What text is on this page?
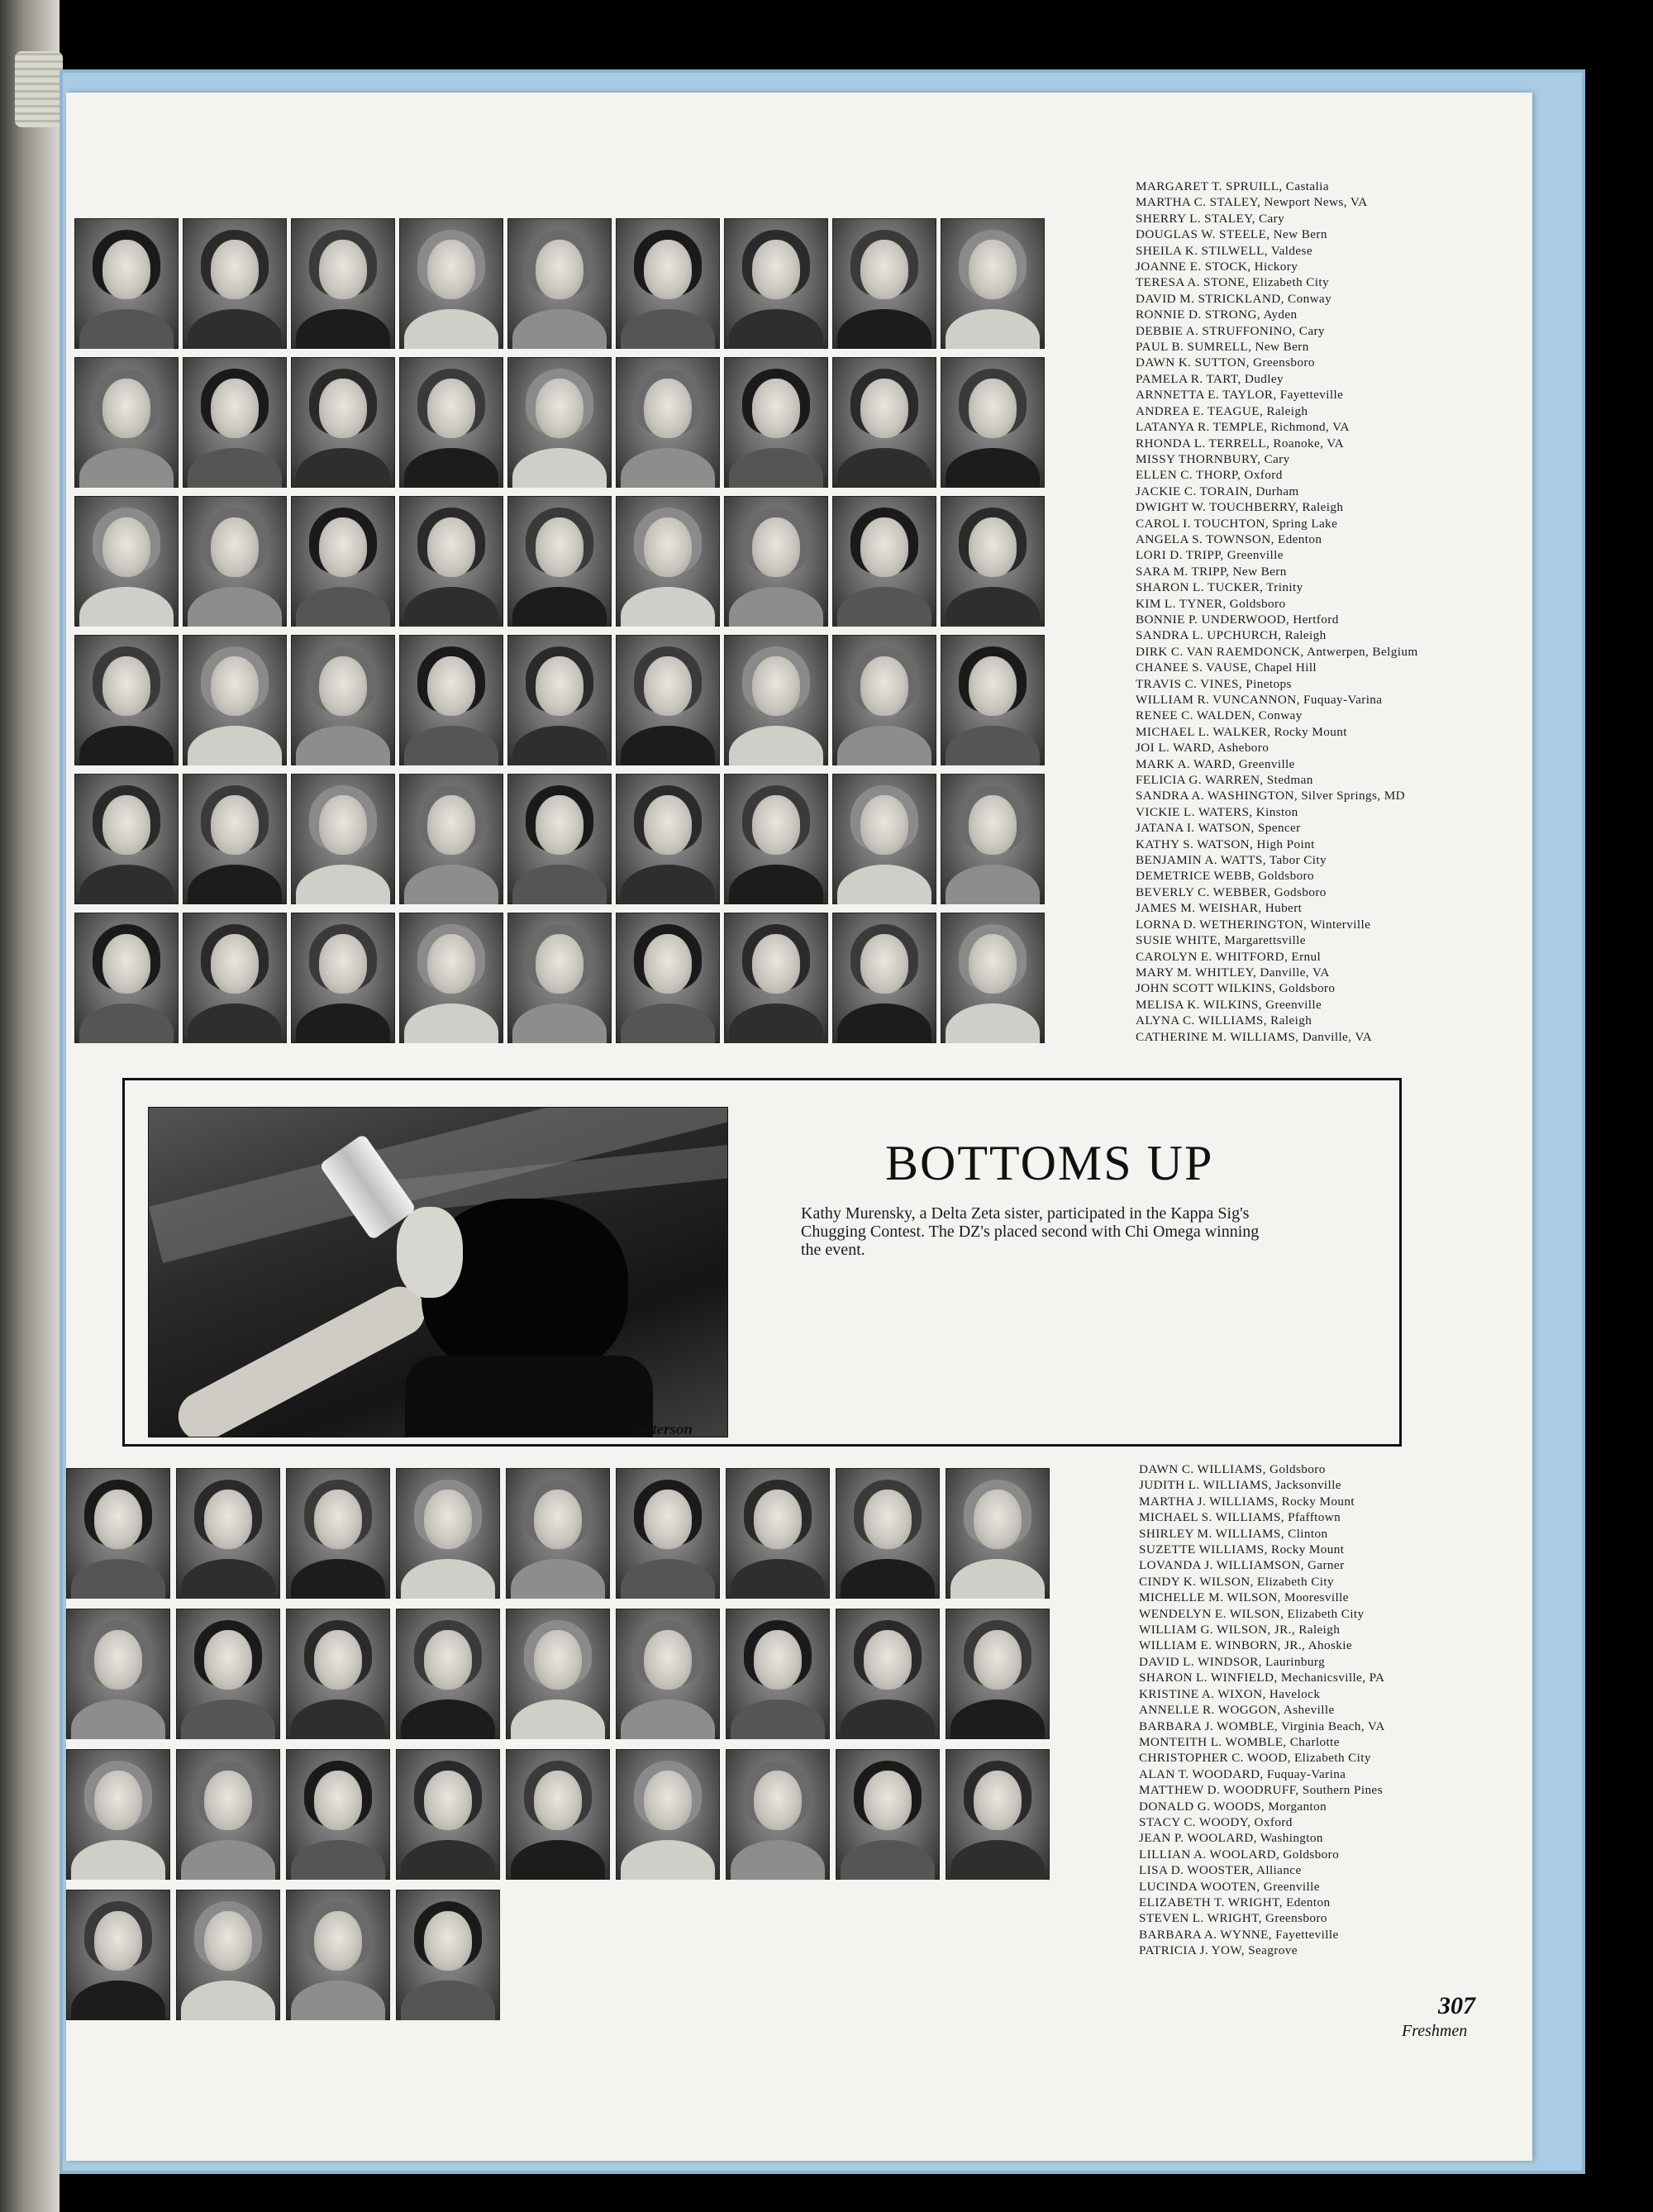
MARGARET T. SPRUILL, Castalia
MARTHA C. STALEY, Newport News, VA
SHERRY L. STALEY, Cary
DOUGLAS W. STEELE, New Bern
SHEILA K. STILWELL, Valdese
JOANNE E. STOCK, Hickory
TERESA A. STONE, Elizabeth City
DAVID M. STRICKLAND, Conway
RONNIE D. STRONG, Ayden
DEBBIE A. STRUFFONINO, Cary
PAUL B. SUMRELL, New Bern
DAWN K. SUTTON, Greensboro
PAMELA R. TART, Dudley
ARNNETTA E. TAYLOR, Fayetteville
ANDREA E. TEAGUE, Raleigh
LATANYA R. TEMPLE, Richmond, VA
RHONDA L. TERRELL, Roanoke, VA
MISSY THORNBURY, Cary
ELLEN C. THORP, Oxford
JACKIE C. TORAIN, Durham
DWIGHT W. TOUCHBERRY, Raleigh
CAROL I. TOUCHTON, Spring Lake
ANGELA S. TOWNSON, Edenton
LORI D. TRIPP, Greenville
SARA M. TRIPP, New Bern
SHARON L. TUCKER, Trinity
KIM L. TYNER, Goldsboro
BONNIE P. UNDERWOOD, Hertford
SANDRA L. UPCHURCH, Raleigh
DIRK C. VAN RAEMDONCK, Antwerpen, Belgium
CHANEE S. VAUSE, Chapel Hill
TRAVIS C. VINES, Pinetops
WILLIAM R. VUNCANNON, Fuquay-Varina
RENEE C. WALDEN, Conway
MICHAEL L. WALKER, Rocky Mount
JOI L. WARD, Asheboro
MARK A. WARD, Greenville
FELICIA G. WARREN, Stedman
SANDRA A. WASHINGTON, Silver Springs, MD
VICKIE L. WATERS, Kinston
JATANA I. WATSON, Spencer
KATHY S. WATSON, High Point
BENJAMIN A. WATTS, Tabor City
DEMETRICE WEBB, Goldsboro
BEVERLY C. WEBBER, Godsboro
JAMES M. WEISHAR, Hubert
LORNA D. WETHERINGTON, Winterville
SUSIE WHITE, Margarettsville
CAROLYN E. WHITFORD, Ernul
MARY M. WHITLEY, Danville, VA
JOHN SCOTT WILKINS, Goldsboro
MELISA K. WILKINS, Greenville
ALYNA C. WILLIAMS, Raleigh
CATHERINE M. WILLIAMS, Danville, VA
Patterson
BOTTOMS UP
Kathy Murensky, a Delta Zeta sister, participated in the Kappa Sig's Chugging Contest. The DZ's placed second with Chi Omega winning the event.
DAWN C. WILLIAMS, Goldsboro
JUDITH L. WILLIAMS, Jacksonville
MARTHA J. WILLIAMS, Rocky Mount
MICHAEL S. WILLIAMS, Pfafftown
SHIRLEY M. WILLIAMS, Clinton
SUZETTE WILLIAMS, Rocky Mount
LOVANDA J. WILLIAMSON, Garner
CINDY K. WILSON, Elizabeth City
MICHELLE M. WILSON, Mooresville
WENDELYN E. WILSON, Elizabeth City
WILLIAM G. WILSON, JR., Raleigh
WILLIAM E. WINBORN, JR., Ahoskie
DAVID L. WINDSOR, Laurinburg
SHARON L. WINFIELD, Mechanicsville, PA
KRISTINE A. WIXON, Havelock
ANNELLE R. WOGGON, Asheville
BARBARA J. WOMBLE, Virginia Beach, VA
MONTEITH L. WOMBLE, Charlotte
CHRISTOPHER C. WOOD, Elizabeth City
ALAN T. WOODARD, Fuquay-Varina
MATTHEW D. WOODRUFF, Southern Pines
DONALD G. WOODS, Morganton
STACY C. WOODY, Oxford
JEAN P. WOOLARD, Washington
LILLIAN A. WOOLARD, Goldsboro
LISA D. WOOSTER, Alliance
LUCINDA WOOTEN, Greenville
ELIZABETH T. WRIGHT, Edenton
STEVEN L. WRIGHT, Greensboro
BARBARA A. WYNNE, Fayetteville
PATRICIA J. YOW, Seagrove
307
Freshmen
